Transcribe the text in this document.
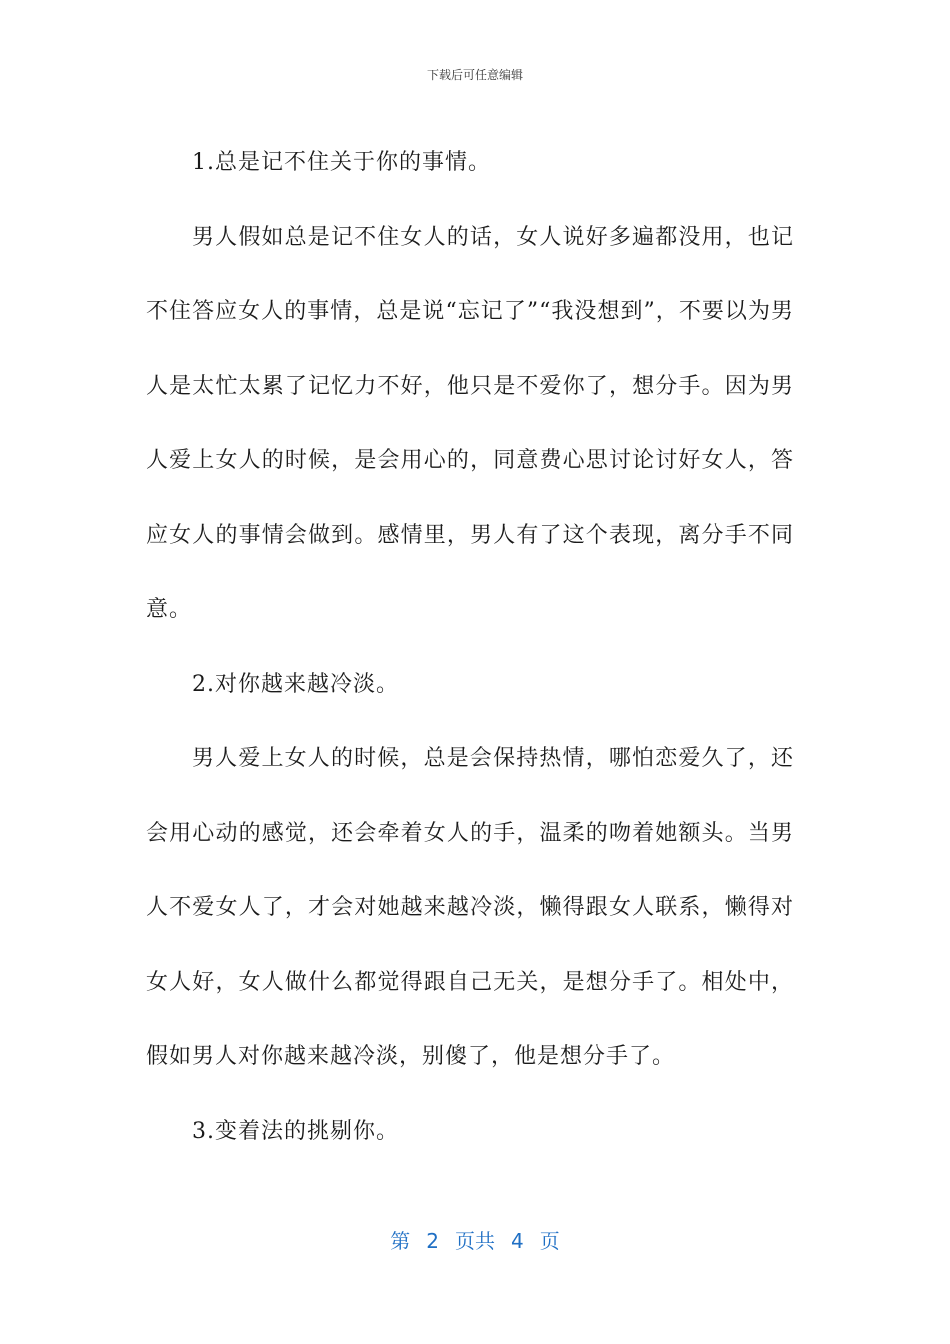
下载后可任意编辑

1.总是记不住关于你的事情。

男人假如总是记不住女人的话，女人说好多遍都没用，也记不住答应女人的事情，总是说“忘记了”“我没想到”，不要以为男人是太忙太累了记忆力不好，他只是不爱你了，想分手。因为男人爱上女人的时候，是会用心的，同意费心思讨论讨好女人，答应女人的事情会做到。感情里，男人有了这个表现，离分手不同意。

2.对你越来越冷淡。

男人爱上女人的时候，总是会保持热情，哪怕恋爱久了，还会用心动的感觉，还会牵着女人的手，温柔的吻着她额头。当男人不爱女人了，才会对她越来越冷淡，懒得跟女人联系，懒得对女人好，女人做什么都觉得跟自己无关，是想分手了。相处中，假如男人对你越来越冷淡，别傻了，他是想分手了。

3.变着法的挑剔你。

第 2 页共 4 页
